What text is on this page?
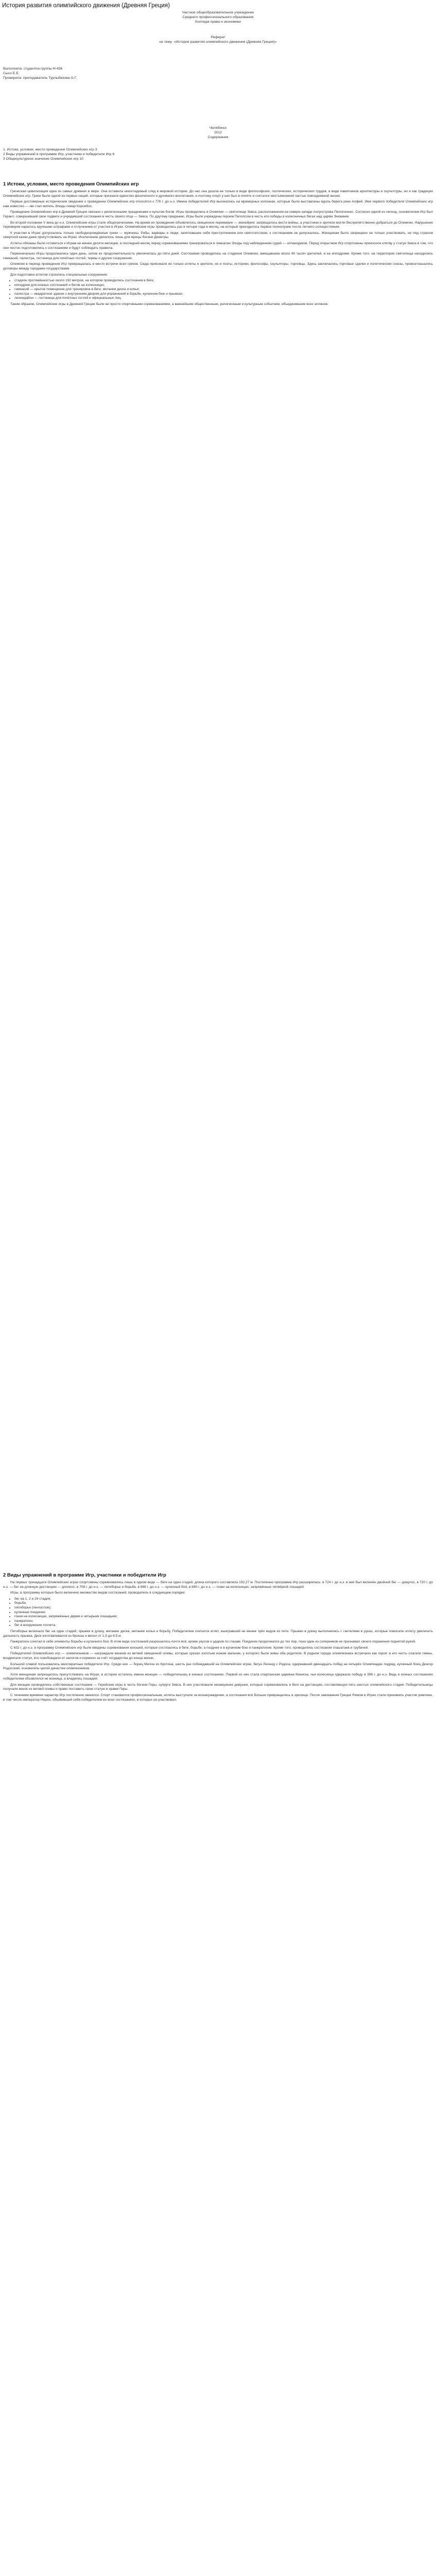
История развития олимпийского движения (Древняя Греция)

Частное общеобразовательное учреждение

Среднего профессионального образования

Колледж права и экономики

Реферат

на тему: «История развития олимпийского движения (Древняя Греция)»

Выполнила: студентка группы Н-436

Сысо Е.Е.

Проверила: преподаватель Турлыбекова О.Г.

Челябинск

2012

Содержание

1. Истоки, условия, место проведения Олимпийских игр 3

2 Виды упражнений в программе Игр, участники и победители Игр 6

3 Общекультурное значение Олимпийских игр 10

1 Истоки, условия, место проведения Олимпийских игр

Греческая цивилизация одна из самых древних в мире. Она оставила неизгладимый след в мировой истории. До нас она дошла не только в виде философских, поэтических, исторических трудов, в виде памятников архитектуры и скульптуры, но и как традиция Олимпийских игр. Греки были одной из первых наций, которые признали единство физического и духовного воспитания, и поэтому спорт у них был в почёте и считался неотъемлемой частью повседневной жизни.

Первые достоверные исторические сведения о проведении Олимпийских игр относятся к 776 г. до н.э. Имена победителей Игр высекались на мраморных колоннах, которые были выставлены вдоль берега реки Алфей. Имя первого победителя Олимпийских игр нам известно — им стал житель Элиды повар Короибос.

Проведение Олимпийских игр в Древней Греции связано с религиозными праздниками и культом богов. Игры проводились в Олимпии — святилище Зевса, расположенном на северо-западе полуострова Пелопоннес. Согласно одной из легенд, основателем Игр был Геракл, совершивший свои подвиги и учредивший состязания в честь своего отца — Зевса. По другому преданию, Игры были учреждены героем Пелопсом в честь его победы в колесничных бегах над царём Эномаем.

Во второй половине V века до н.э. Олимпийские игры стали общегреческими. На время их проведения объявлялось священное перемирие — экехейрия: запрещалось вести войны, а участники и зрители могли беспрепятственно добраться до Олимпии. Нарушение перемирия каралось крупными штрафами и отлучением от участия в Играх. Олимпийские игры проводились раз в четыре года в месяц, на который приходилось первое полнолуние после летнего солнцестояния.

К участию в Играх допускались только свободнорождённые греки — мужчины. Рабы, варвары и люди, запятнавшие себя преступлением или святотатством, к состязаниям не допускались. Женщинам было запрещено не только участвовать, но под страхом смертной казни даже присутствовать на Играх. Исключение делалось лишь для жрицы богини Деметры.

Атлеты обязаны были готовиться к Играм не менее десяти месяцев, а последний месяц перед соревнованиями тренироваться в гимнасии Элиды под наблюдением судей — элланодиков. Перед открытием Игр спортсмены приносили клятву у статуи Зевса в том, что они честно подготовились к состязаниям и будут соблюдать правила.

Первоначально Игры продолжались один день, затем их продолжительность увеличилась до пяти дней. Состязания проводились на стадионе Олимпии, вмещавшем около 40 тысяч зрителей, и на ипподроме. Кроме того, на территории святилища находились гимнасий, палестра, гостиница для почётных гостей, термы и другие сооружения.

Олимпия в период проведения Игр превращалась в место встречи всех греков. Сюда приезжали не только атлеты и зрители, но и поэты, историки, философы, скульпторы, торговцы. Здесь заключались торговые сделки и политические союзы, провозглашались договоры между городами-государствами.

Для подготовки атлетов строились специальные сооружения:

• стадион протяжённостью около 192 метров, на котором проводились состязания в беге;
• ипподром для конных состязаний и бегов на колесницах;
• гимнасий — крытое помещение для тренировок в беге, метании диска и копья;
• палестра — квадратное здание с внутренним двором для упражнений в борьбе, кулачном бою и прыжках;
• леонидайон — гостиница для почётных гостей и официальных лиц.

Таким образом, Олимпийские игры в Древней Греции были не просто спортивными соревнованиями, а важнейшим общественным, религиозным и культурным событием, объединявшим всех эллинов.

2 Виды упражнений в программе Игр, участники и победители Игр

На первых тринадцати Олимпийских играх спортсмены соревновались лишь в одном виде — беге на один стадий, длина которого составляла 192,27 м. Постепенно программа Игр расширялась: в 724 г. до н.э. в неё был включён двойной бег — диаулос, в 720 г. до н.э. — бег на длинную дистанцию — долихос, в 708 г. до н.э. — пятиборье и борьба, в 688 г. до н.э. — кулачный бой, в 680 г. до н.э. — гонки на колесницах, запряжённых четвёркой лошадей.

Игры, в программу которых было включено множество видов состязаний, проводились в следующем порядке:

• бег на 1, 2 и 24 стадия;
• борьба;
• пятиборье (пентатлон);
• кулачные поединки;
• гонки на колесницах, запряжённых двумя и четырьмя лошадьми;
• панкратион;
• бег в вооружении гоплита.

Пятиборье включало бег на один стадий, прыжки в длину, метание диска, метание копья и борьбу. Победителем считался атлет, выигравший не менее трёх видов из пяти. Прыжки в длину выполнялись с гантелями в руках, которые помогали атлету увеличить дальность прыжка. Диск изготавливался из бронзы и весил от 1,5 до 6,5 кг.

Панкратион сочетал в себе элементы борьбы и кулачного боя. В этом виде состязаний разрешалось почти всё, кроме укусов и ударов по глазам. Поединок продолжался до тех пор, пока один из соперников не признавал своего поражения поднятой рукой.

С 632 г. до н.э. в программу Олимпийских игр были введены соревнования юношей, которые состязались в беге, борьбе, а позднее и в кулачном бою и панкратионе. Кроме того, проводились состязания глашатаев и трубачей.

Победителей Олимпийских игр — олимпиоников — награждали венком из ветвей священной оливы, которые срезал золотым ножом мальчик, у которого были живы оба родителя. В родном городе олимпионика встречали как героя: в его честь слагали гимны, воздвигали статуи, его освобождали от налогов и кормили за счёт государства до конца жизни.

Большой славой пользовались многократные победители Игр. Среди них — борец Милон из Кротона, шесть раз побеждавший на Олимпийских играх, бегун Леонид с Родоса, одержавший двенадцать побед на четырёх Олимпиадах подряд, кулачный боец Диагор Родосский, основатель целой династии олимпиоников.

Хотя женщинам запрещалось присутствовать на Играх, в истории остались имена женщин — победительниц в конных состязаниях. Первой из них стала спартанская царевна Киниска, чья колесница одержала победу в 396 г. до н.э. Ведь в конных состязаниях победителем объявлялся не возница, а владелец лошадей.

Для женщин проводились собственные состязания — Герейские игры в честь богини Геры, супруги Зевса. В них участвовали незамужние девушки, которые соревновались в беге на дистанцию, составлявшую пять шестых олимпийского стадия. Победительницы получали венок из ветвей оливы и право поставить свою статую в храме Геры.

С течением времени характер Игр постепенно менялся. Спорт становился профессиональным, атлеты выступали за вознаграждение, а состязания всё больше превращались в зрелище. После завоевания Греции Римом в Играх стали принимать участие римляне, в том числе император Нерон, объявивший себя победителем во всех состязаниях, в которых он участвовал.
